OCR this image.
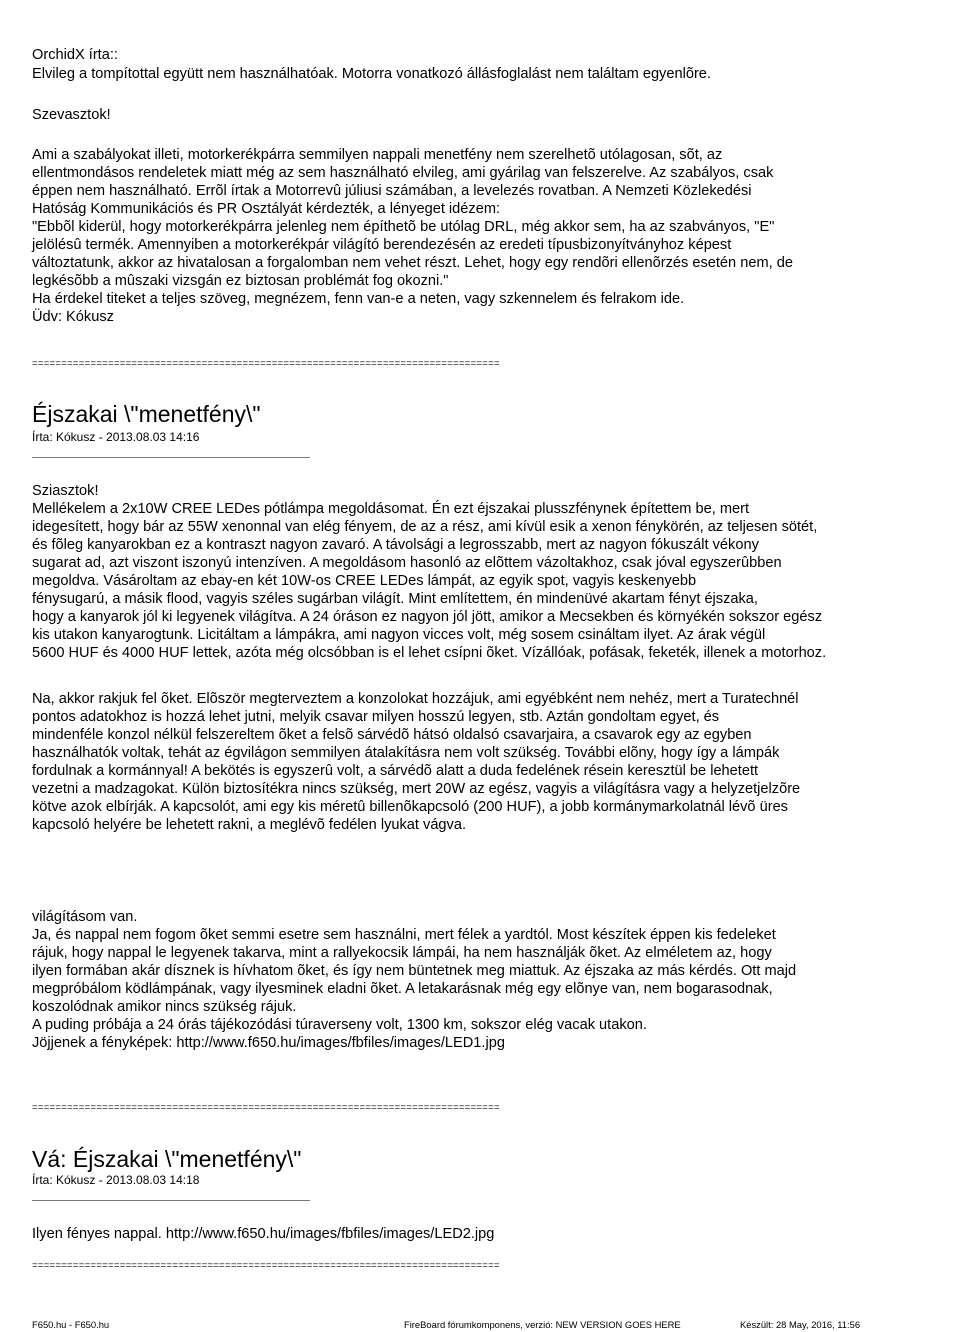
OrchidX írta::
Elvileg a tompítottal együtt nem használhatóak. Motorra vonatkozó állásfoglalást nem találtam egyenlõre.
Szevasztok!
Ami a szabályokat illeti, motorkerékpárra semmilyen nappali menetfény nem szerelhetõ utólagosan, sõt, az
ellentmondásos rendeletek miatt még az sem használható elvileg, ami gyárilag van felszerelve. Az szabályos, csak
éppen nem használható. Errõl írtak a Motorrevû júliusi számában, a levelezés rovatban. A Nemzeti Közlekedési
Hatóság Kommunikációs és PR Osztályát kérdezték, a lényeget idézem:
"Ebbõl kiderül, hogy motorkerékpárra jelenleg nem építhetõ be utólag DRL, még akkor sem, ha az szabványos, "E"
jelölésû termék. Amennyiben a motorkerékpár világító berendezésén az eredeti típusbizonyítványhoz képest
változtatunk, akkor az hivatalosan a forgalomban nem vehet részt. Lehet, hogy egy rendõri ellenõrzés esetén nem, de
legkésõbb a mûszaki vizsgán ez biztosan problémát fog okozni."
Ha érdekel titeket a teljes szöveg, megnézem, fenn van-e a neten, vagy szkennelem és felrakom ide.
Üdv: Kókusz
================================================================================
Éjszakai \"menetfény\"
Írta: Kókusz - 2013.08.03 14:16
Sziasztok!
Mellékelem a 2x10W CREE LEDes pótlámpa megoldásomat. Én ezt éjszakai plusszfénynek építettem be, mert
idegesített, hogy bár az 55W xenonnal van elég fényem, de az a rész, ami kívül esik a xenon fénykörén, az teljesen sötét,
és fõleg kanyarokban ez a kontraszt nagyon zavaró. A távolsági a legrosszabb, mert az nagyon fókuszált vékony
sugarat ad, azt viszont iszonyú intenzíven. A megoldásom hasonló az elõttem vázoltakhoz, csak jóval egyszerûbben
megoldva. Vásároltam az ebay-en két 10W-os CREE LEDes lámpát, az egyik spot, vagyis keskenyebb
fénysugarú, a másik flood, vagyis széles sugárban világít. Mint említettem, én mindenüvé akartam fényt éjszaka,
hogy a kanyarok jól ki legyenek világítva. A 24 óráson ez nagyon jól jött, amikor a Mecsekben és környékén sokszor egész
kis utakon kanyarogtunk. Licitáltam a lámpákra, ami nagyon vicces volt, még sosem csináltam ilyet. Az árak végül
5600 HUF és 4000 HUF lettek, azóta még olcsóbban is el lehet csípni õket. Vízállóak, pofásak, feketék, illenek a motorhoz.
Na, akkor rakjuk fel õket. Elõször megterveztem a konzolokat hozzájuk, ami egyébként nem nehéz, mert a Turatechnél
pontos adatokhoz is hozzá lehet jutni, melyik csavar milyen hosszú legyen, stb. Aztán gondoltam egyet, és
mindenféle konzol nélkül felszereltem õket a felsõ sárvédõ hátsó oldalsó csavarjaira, a csavarok egy az egyben
használhatók voltak, tehát az égvilágon semmilyen átalakításra nem volt szükség. További elõny, hogy így a lámpák
fordulnak a kormánnyal! A bekötés is egyszerû volt, a sárvédõ alatt a duda fedelének résein keresztül be lehetett
vezetni a madzagokat. Külön biztosítékra nincs szükség, mert 20W az egész, vagyis a világításra vagy a helyzetjelzõre
kötve azok elbírják. A kapcsolót, ami egy kis méretû billenõkapcsoló (200 HUF), a jobb kormánymarkolatnál lévõ üres
kapcsoló helyére be lehetett rakni, a meglévõ fedélen lyukat vágva.
világításom van.
Ja, és nappal nem fogom õket semmi esetre sem használni, mert félek a yardtól. Most készítek éppen kis fedeleket
rájuk, hogy nappal le legyenek takarva, mint a rallyekocsik lámpái, ha nem használják õket. Az elméletem az, hogy
ilyen formában akár dísznek is hívhatom õket, és így nem büntetnek meg miattuk. Az éjszaka az más kérdés. Ott majd
megpróbálom ködlámpának, vagy ilyesminek eladni õket. A letakarásnak még egy elõnye van, nem bogarasodnak,
koszolódnak amikor nincs szükség rájuk.
A puding próbája a 24 órás tájékozódási túraverseny volt, 1300 km, sokszor elég vacak utakon.
Jöjjenek a fényképek: http://www.f650.hu/images/fbfiles/images/LED1.jpg
================================================================================
Vá: Éjszakai \"menetfény\"
Írta: Kókusz - 2013.08.03 14:18
Ilyen fényes nappal. http://www.f650.hu/images/fbfiles/images/LED2.jpg
================================================================================
F650.hu - F650.hu	FireBoard fórumkomponens, verzió: NEW VERSION GOES HERE	Készült: 28 May, 2016, 11:56
